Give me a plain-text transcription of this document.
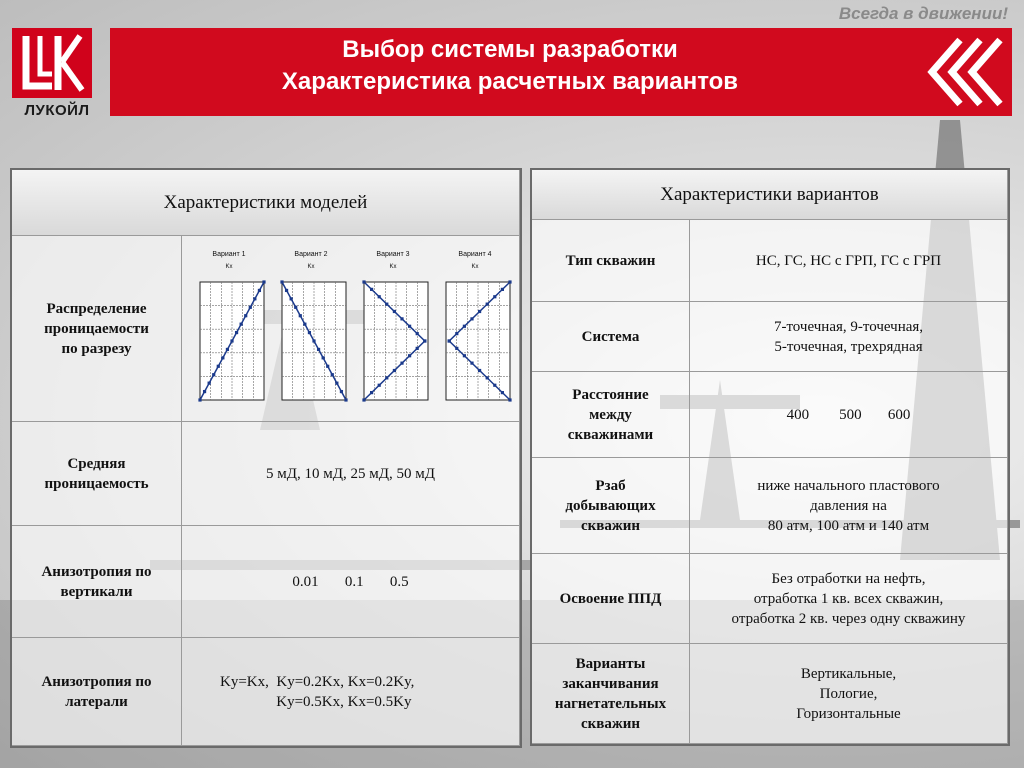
Всегда в движении!
ЛУКОЙЛ
Выбор системы разработки
Характеристика расчетных вариантов
Характеристики моделей
Распределение
проницаемости
по разрезу
Вариант 1
Kx
Вариант 2
Kx
Вариант 3
Kx
Вариант 4
Kx
Средняя
проницаемость
5 мД, 10 мД, 25 мД, 50 мД
Анизотропия по
вертикали
0.01       0.1       0.5
Анизотропия по
латерали
Ky=Kx,  Ky=0.2Kx, Kx=0.2Ky,
Ky=0.5Kx, Kx=0.5Ky
Характеристики вариантов
Тип скважин	НС, ГС, НС с ГРП, ГС с ГРП
Система
7-точечная, 9-точечная,
5-точечная, трехрядная
Расстояние
между
скважинами
400        500       600
Рзаб
добывающих
скважин
ниже начального пластового
давления на
80 атм, 100 атм и 140 атм
Освоение ППД
Без отработки на нефть,
отработка 1 кв. всех скважин,
отработка 2 кв. через одну скважину
Варианты
заканчивания
нагнетательных
скважин
Вертикальные,
Пологие,
Горизонтальные
